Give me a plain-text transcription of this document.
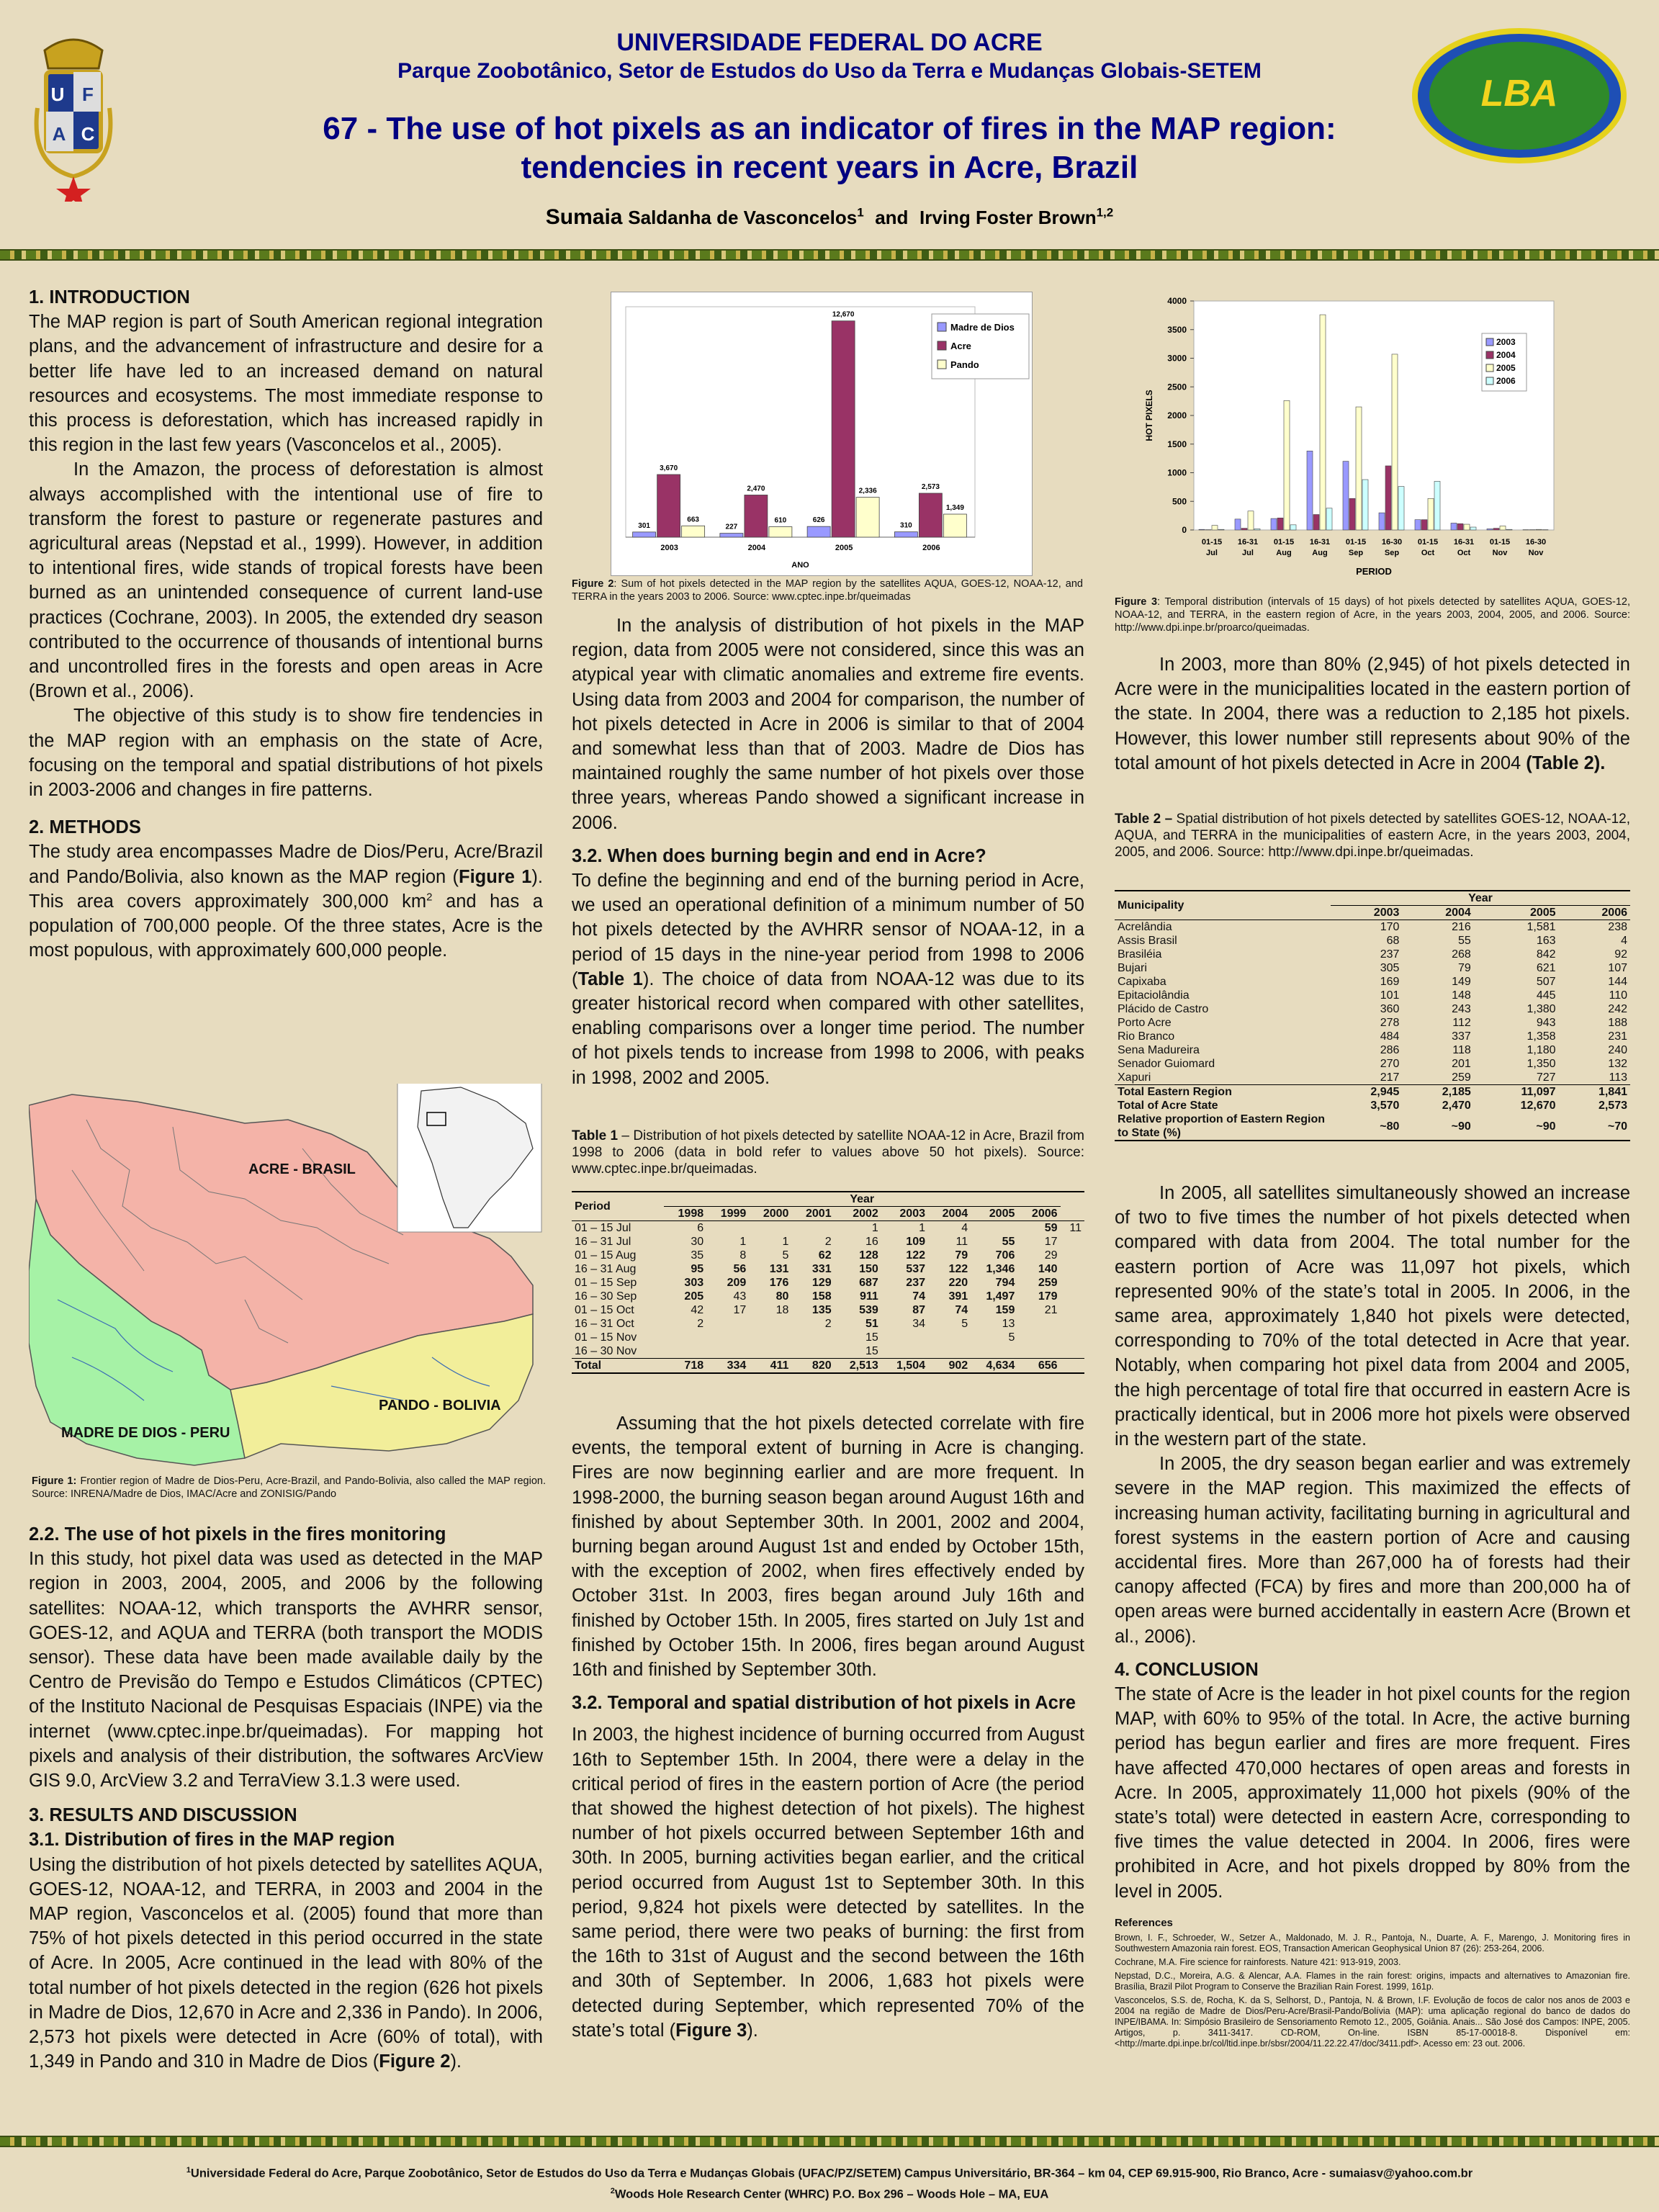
U F
A C
LBA
UNIVERSIDADE FEDERAL DO ACRE
Parque Zoobotânico, Setor de Estudos do Uso da Terra e Mudanças Globais-SETEM
67 - The use of hot pixels as an indicator of fires in the MAP region:
tendencies in recent years in Acre, Brazil
Sumaia Saldanha de Vasconcelos$^1$ and Irving Foster Brown$^{1,2}$
1. INTRODUCTION

The MAP region is part of South American regional integration plans, and the advancement of infrastructure and desire for a better life have led to an increased demand on natural resources and ecosystems. The most immediate response to this process is deforestation, which has increased rapidly in this region in the last few years (Vasconcelos et al., 2005).

In the Amazon, the process of deforestation is almost always accomplished with the intentional use of fire to transform the forest to pasture or regenerate pastures and agricultural areas (Nepstad et al., 1999). However, in addition to intentional fires, wide stands of tropical forests have been burned as an unintended consequence of current land-use practices (Cochrane, 2003). In 2005, the extended dry season contributed to the occurrence of thousands of intentional burns and uncontrolled fires in the forests and open areas in Acre (Brown et al., 2006).

The objective of this study is to show fire tendencies in the MAP region with an emphasis on the state of Acre, focusing on the temporal and spatial distributions of hot pixels in 2003-2006 and changes in fire patterns.

2. METHODS

The study area encompasses Madre de Dios/Peru, Acre/Brazil and Pando/Bolivia, also known as the MAP region (Figure 1). This area covers approximately 300,000 $km^2$ and has a population of 700,000 people. Of the three states, Acre is the most populous, with approximately 600,000 people.

ACRE - BRASIL
PANDO - BOLIVIA
MADRE DE DIOS - PERU
Figure 1: Frontier region of Madre de Dios-Peru, Acre-Brazil, and Pando-Bolivia, also called the MAP region. Source: INRENA/Madre de Dios, IMAC/Acre and ZONISIG/Pando
2.2. The use of hot pixels in the fires monitoring

In this study, hot pixel data was used as detected in the MAP region in 2003, 2004, 2005, and 2006 by the following satellites: NOAA-12, which transports the AVHRR sensor, GOES-12, and AQUA and TERRA (both transport the MODIS sensor). These data have been made available daily by the Centro de Previsão do Tempo e Estudos Climáticos (CPTEC) of the Instituto Nacional de Pesquisas Espaciais (INPE) via the internet (www.cptec.inpe.br/queimadas). For mapping hot pixels and analysis of their distribution, the softwares ArcView GIS 9.0, ArcView 3.2 and TerraView 3.1.3 were used.

3. RESULTS AND DISCUSSION
3.1. Distribution of fires in the MAP region

Using the distribution of hot pixels detected by satellites AQUA, GOES-12, NOAA-12, and TERRA, in 2003 and 2004 in the MAP region, Vasconcelos et al. (2005) found that more than 75% of hot pixels detected in this period occurred in the state of Acre. In 2005, Acre continued in the lead with 80% of the total number of hot pixels detected in the region (626 hot pixels in Madre de Dios, 12,670 in Acre and 2,336 in Pando). In 2006, 2,573 hot pixels were detected in Acre (60% of total), with 1,349 in Pando and 310 in Madre de Dios (Figure 2).

301
3,670
663
2003
227
2,470
610
2004
626
12,670
2,336
2005
310
2,573
1,349
2006
ANO
Madre de Dios
Acre
Pando
Figure 2: Sum of hot pixels detected in the MAP region by the satellites AQUA, GOES-12, NOAA-12, and TERRA in the years 2003 to 2006. Source: www.cptec.inpe.br/queimadas

In the analysis of distribution of hot pixels in the MAP region, data from 2005 were not considered, since this was an atypical year with climatic anomalies and extreme fire events. Using data from 2003 and 2004 for comparison, the number of hot pixels detected in Acre in 2006 is similar to that of 2004 and somewhat less than that of 2003. Madre de Dios has maintained roughly the same number of hot pixels over those three years, whereas Pando showed a significant increase in 2006.

3.2. When does burning begin and end in Acre?

To define the beginning and end of the burning period in Acre, we used an operational definition of a minimum number of 50 hot pixels detected by the AVHRR sensor of NOAA-12, in a period of 15 days in the nine-year period from 1998 to 2006 (Table 1). The choice of data from NOAA-12 was due to its greater historical record when compared with other satellites, enabling comparisons over a longer time period. The number of hot pixels tends to increase from 1998 to 2006, with peaks in 1998, 2002 and 2005.

Table 1 – Distribution of hot pixels detected by satellite NOAA-12 in Acre, Brazil from 1998 to 2006 (data in bold refer to values above 50 hot pixels). Source: www.cptec.inpe.br/queimadas.
Period	Year									
	1998	1999	2000	2001	2002	2003	2004	2005	2006	
01 – 15 Jul	6				1	1	4		59	11
16 – 31 Jul	30	1	1	2	16	109	11	55	17	
01 – 15 Aug	35	8	5	62	128	122	79	706	29	
16 – 31 Aug	95	56	131	331	150	537	122	1,346	140	
01 – 15 Sep	303	209	176	129	687	237	220	794	259	
16 – 30 Sep	205	43	80	158	911	74	391	1,497	179	
01 – 15 Oct	42	17	18	135	539	87	74	159	21	
16 – 31 Oct	2			2	51	34	5	13		
01 – 15 Nov					15			5		
16 – 30 Nov					15					
Total	718	334	411	820	2,513	1,504	902	4,634	656	

Assuming that the hot pixels detected correlate with fire events, the temporal extent of burning in Acre is changing. Fires are now beginning earlier and are more frequent. In 1998-2000, the burning season began around August 16th and finished by about September 30th. In 2001, 2002 and 2004, burning began around August 1st and ended by October 15th, with the exception of 2002, when fires effectively ended by October 31st. In 2003, fires began around July 16th and finished by October 15th. In 2005, fires started on July 1st and finished by October 15th. In 2006, fires began around August 16th and finished by September 30th.

3.2. Temporal and spatial distribution of hot pixels in Acre

In 2003, the highest incidence of burning occurred from August 16th to September 15th. In 2004, there were a delay in the critical period of fires in the eastern portion of Acre (the period that showed the highest detection of hot pixels). The highest number of hot pixels occurred between September 16th and 30th. In 2005, burning activities began earlier, and the critical period occurred from August 1st to September 30th. In this period, 9,824 hot pixels were detected by satellites. In the same period, there were two peaks of burning: the first from the 16th to 31st of August and the second between the 16th and 30th of September. In 2006, 1,683 hot pixels were detected during September, which represented 70% of the state’s total (Figure 3).

0
500
1000
1500
2000
2500
3000
3500
4000
HOT PIXELS
01-15
Jul
16-31
Jul
01-15
Aug
16-31
Aug
01-15
Sep
16-30
Sep
01-15
Oct
16-31
Oct
01-15
Nov
16-30
Nov
PERIOD
2003
2004
2005
2006
Figure 3: Temporal distribution (intervals of 15 days) of hot pixels detected by satellites AQUA, GOES-12, NOAA-12, and TERRA, in the eastern region of Acre, in the years 2003, 2004, 2005, and 2006. Source: http://www.dpi.inpe.br/proarco/queimadas.

In 2003, more than 80% (2,945) of hot pixels detected in Acre were in the municipalities located in the eastern portion of the state. In 2004, there was a reduction to 2,185 hot pixels. However, this lower number still represents about 90% of the total amount of hot pixels detected in Acre in 2004 (Table 2).

Table 2 – Spatial distribution of hot pixels detected by satellites GOES-12, NOAA-12, AQUA, and TERRA in the municipalities of eastern Acre, in the years 2003, 2004, 2005, and 2006. Source: http://www.dpi.inpe.br/queimadas.
Municipality	Year			
	2003	2004	2005	2006
Acrelândia	170	216	1,581	238
Assis Brasil	68	55	163	4
Brasiléia	237	268	842	92
Bujari	305	79	621	107
Capixaba	169	149	507	144
Epitaciolândia	101	148	445	110
Plácido de Castro	360	243	1,380	242
Porto Acre	278	112	943	188
Rio Branco	484	337	1,358	231
Sena Madureira	286	118	1,180	240
Senador Guiomard	270	201	1,350	132
Xapuri	217	259	727	113
Total Eastern Region	2,945	2,185	11,097	1,841
Total of Acre State	3,570	2,470	12,670	2,573
Relative proportion of Eastern Region to State (%)	~80	~90	~90	~70

In 2005, all satellites simultaneously showed an increase of two to five times the number of hot pixels detected when compared with data from 2004. The total number for the eastern portion of Acre was 11,097 hot pixels, which represented 90% of the state’s total in 2005. In 2006, in the same area, approximately 1,840 hot pixels were detected, corresponding to 70% of the total detected in Acre that year. Notably, when comparing hot pixel data from 2004 and 2005, the high percentage of total fire that occurred in eastern Acre is practically identical, but in 2006 more hot pixels were observed in the western part of the state.

In 2005, the dry season began earlier and was extremely severe in the MAP region. This maximized the effects of increasing human activity, facilitating burning in agricultural and forest systems in the eastern portion of Acre and causing accidental fires. More than 267,000 ha of forests had their canopy affected (FCA) by fires and more than 200,000 ha of open areas were burned accidentally in eastern Acre (Brown et al., 2006).

4. CONCLUSION

The state of Acre is the leader in hot pixel counts for the region MAP, with 60% to 95% of the total. In Acre, the active burning period has begun earlier and fires are more frequent. Fires have affected 470,000 hectares of open areas and forests in Acre. In 2005, approximately 11,000 hot pixels (90% of the state’s total) were detected in eastern Acre, corresponding to five times the value detected in 2004. In 2006, fires were prohibited in Acre, and hot pixels dropped by 80% from the level in 2005.

References
Brown, I. F., Schroeder, W., Setzer A., Maldonado, M. J. R., Pantoja, N., Duarte, A. F., Marengo, J. Monitoring fires in Southwestern Amazonia rain forest. EOS, Transaction American Geophysical Union 87 (26): 253-264, 2006.
Cochrane, M.A. Fire science for rainforests. Nature 421: 913-919, 2003.
Nepstad, D.C., Moreira, A.G. & Alencar, A.A. Flames in the rain forest: origins, impacts and alternatives to Amazonian fire. Brasília, Brazil Pilot Program to Conserve the Brazilian Rain Forest. 1999, 161p.
Vasconcelos, S.S. de, Rocha, K. da S, Selhorst, D., Pantoja, N. & Brown, I.F. Evolução de focos de calor nos anos de 2003 e 2004 na região de Madre de Dios/Peru-Acre/Brasil-Pando/Bolívia (MAP): uma aplicação regional do banco de dados do INPE/IBAMA. In: Simpósio Brasileiro de Sensoriamento Remoto 12., 2005, Goiânia. Anais... São José dos Campos: INPE, 2005. Artigos, p. 3411-3417. CD-ROM, On-line. ISBN 85-17-00018-8. Disponível em: <http://marte.dpi.inpe.br/col/ltid.inpe.br/sbsr/2004/11.22.22.47/doc/3411.pdf>. Acesso em: 23 out. 2006.
$^1$Universidade Federal do Acre, Parque Zoobotânico, Setor de Estudos do Uso da Terra e Mudanças Globais (UFAC/PZ/SETEM) Campus Universitário, BR-364 – km 04, CEP 69.915-900, Rio Branco, Acre - sumaiasv@yahoo.com.br
$^2$Woods Hole Research Center (WHRC) P.O. Box 296 – Woods Hole – MA, EUA
